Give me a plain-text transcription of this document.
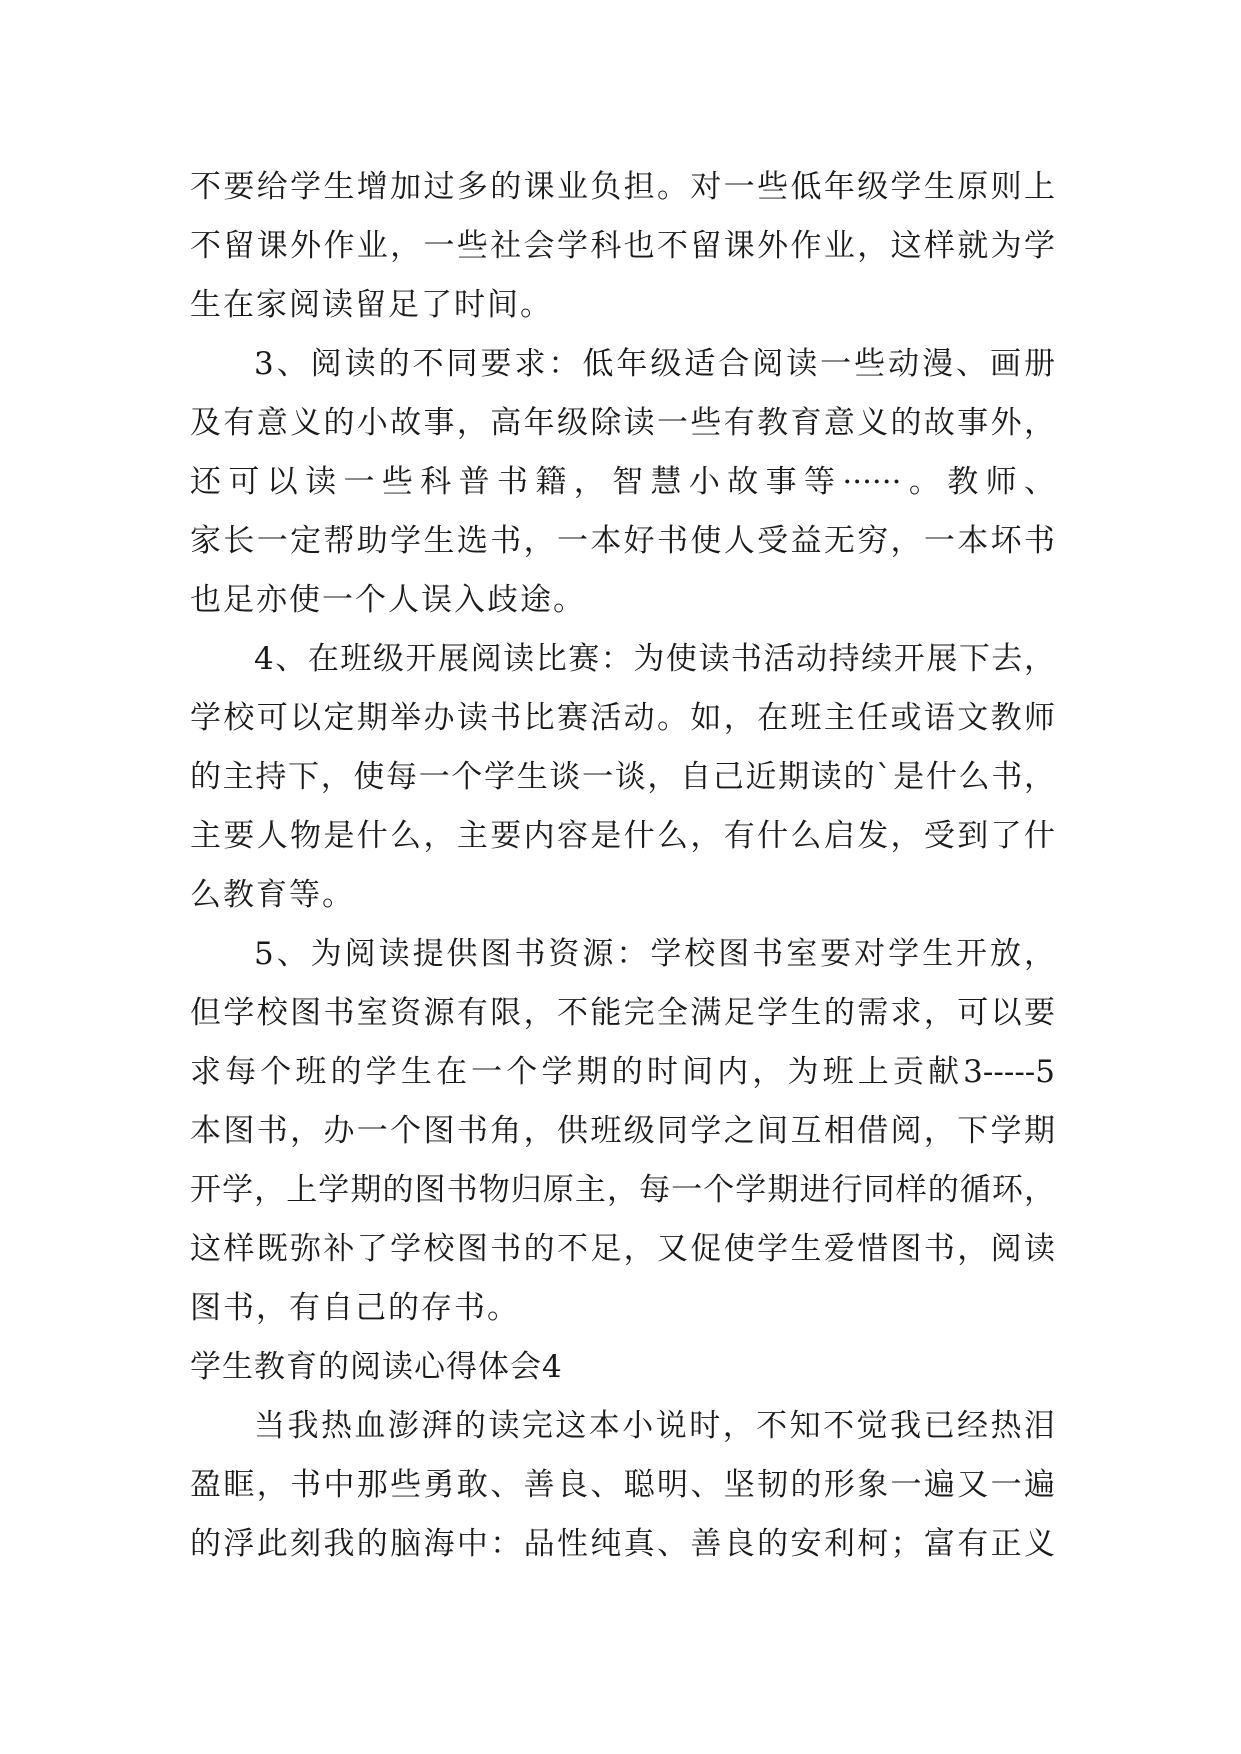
不要给学生增加过多的课业负担。对一些低年级学生原则上
不留课外作业，一些社会学科也不留课外作业，这样就为学
生在家阅读留足了时间。
3、阅读的不同要求：低年级适合阅读一些动漫、画册
及有意义的小故事，高年级除读一些有教育意义的故事外，
还可以读一些科普书籍，智慧小故事等······。教师、
家长一定帮助学生选书，一本好书使人受益无穷，一本坏书
也足亦使一个人误入歧途。
4、在班级开展阅读比赛：为使读书活动持续开展下去，
学校可以定期举办读书比赛活动。如，在班主任或语文教师
的主持下，使每一个学生谈一谈，自己近期读的`是什么书，
主要人物是什么，主要内容是什么，有什么启发，受到了什
么教育等。
5、为阅读提供图书资源：学校图书室要对学生开放，
但学校图书室资源有限，不能完全满足学生的需求，可以要
求每个班的学生在一个学期的时间内，为班上贡献3-----5
本图书，办一个图书角，供班级同学之间互相借阅，下学期
开学，上学期的图书物归原主，每一个学期进行同样的循环，
这样既弥补了学校图书的不足，又促使学生爱惜图书，阅读
图书，有自己的存书。
学生教育的阅读心得体会4
当我热血澎湃的读完这本小说时，不知不觉我已经热泪
盈眶，书中那些勇敢、善良、聪明、坚韧的形象一遍又一遍
的浮此刻我的脑海中：品性纯真、善良的安利柯；富有正义
